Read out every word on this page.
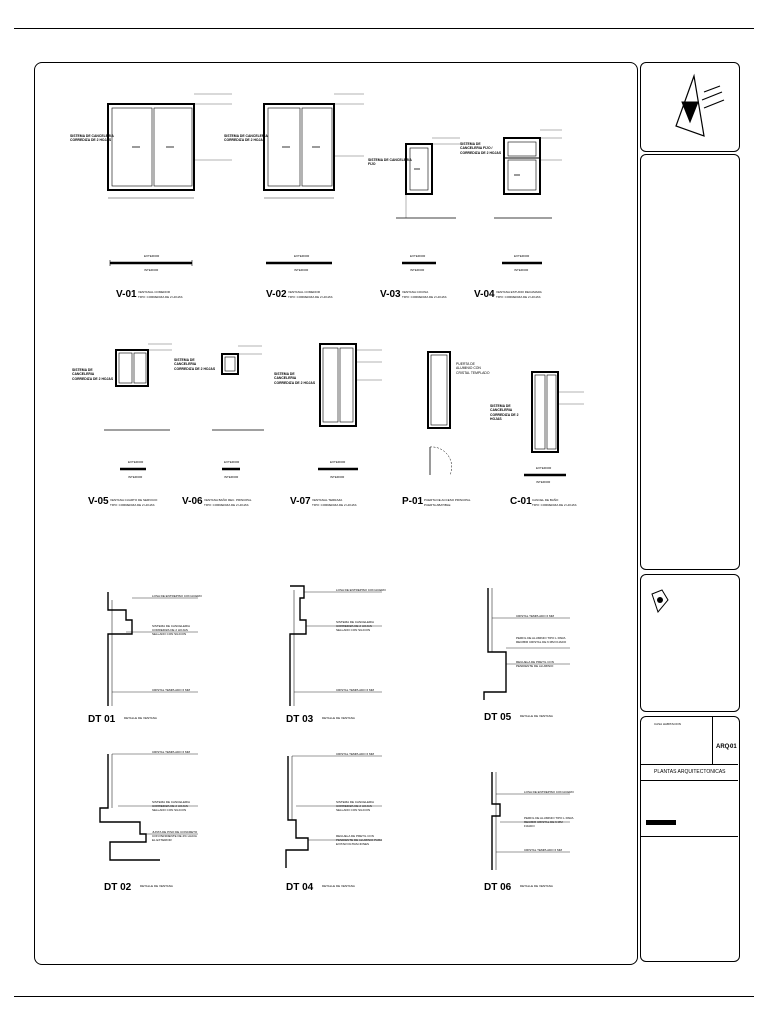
SISTEMA DE CANCELERIA CORREDIZA DE 2 HOJAS
SISTEMA DE CANCELERIA CORREDIZA DE 2 HOJAS
SISTEMA DE CANCELERIA FIJO
SISTEMA DE CANCELERIA FIJO / CORREDIZA DE 2 HOJAS
EXTERIOR
INTERIOR
EXTERIOR
INTERIOR
EXTERIOR
INTERIOR
EXTERIOR
INTERIOR
V-01 VENTANAL COMEDOR
TIPO: CORREDIZA DE 2 HOJAS	V-02 VENTANAL COMEDOR
TIPO: CORREDIZA DE 2 HOJAS	V-03 VENTANA COCINA
TIPO: CORREDIZA DE 2 HOJAS	V-04 VENTANA ESTUDIO RECAMARA
TIPO: CORREDIZA DE 2 HOJAS
SISTEMA DE CANCELERIA CORREDIZA DE 2 HOJAS
SISTEMA DE CANCELERIA CORREDIZA DE 2 HOJAS
SISTEMA DE CANCELERIA CORREDIZA DE 2 HOJAS
PUERTA DE ALUMINIO CON CRISTAL TEMPLADO
SISTEMA DE CANCELERIA CORREDIZA DE 2 HOJAS
EXTERIOR
INTERIOR
EXTERIOR
INTERIOR
EXTERIOR
INTERIOR
EXTERIOR
INTERIOR
V-05 VENTANA CUARTO DE SERVICIO
TIPO: CORREDIZA DE 2 HOJAS	V-06 VENTANA BAÑO REC. PRINCIPAL
TIPO: CORREDIZA DE 2 HOJAS	V-07 VENTANAL TERRAZA
TIPO: CORREDIZA DE 2 HOJAS	P-01 PUERTA DE ACCESO PRINCIPAL
PUERTA ABATIBLE	C-01 CANCEL DE BAÑO
TIPO: CORREDIZA DE 2 HOJAS
LOSA DE ENTREPISO CON ACERO
SISTEMA DE CANCELERIA CORREDIZA DE 2 HOJAS SELLADO CON SILICON
CRISTAL TEMPLADO 6 MM
CRISTAL TEMPLADO 6 MM
SISTEMA DE CANCELERIA CORREDIZA DE 2 HOJAS SELLADO CON SILICON
JUNTA DE PISO DE CONCRETO CON PENDIENTE DE 2% HACIA EL EXTERIOR
LOSA DE ENTREPISO CON ACERO
SISTEMA DE CANCELERIA CORREDIZA DE 2 HOJAS SELLADO CON SILICON
CRISTAL TEMPLADO 6 MM
CRISTAL TEMPLADO 6 MM
SISTEMA DE CANCELERIA CORREDIZA DE 2 HOJAS SELLADO CON SILICON
REGUELA DE PRETIL CON PENDIENTE DE ALUMINIO PARA EVITAR FILTRACIONES
CRISTAL TEMPLADO 6 MM
PERFIL DE ALUMINIO TIPO L PARA RECIBIR CRISTAL DE 6 MM FIJADO
REGUELA DE PRETIL CON PENDIENTE DE ALUMINIO
LOSA DE ENTREPISO CON ACERO
PERFIL DE ALUMINIO TIPO L PARA RECIBIR CRISTAL DE 6 MM FIJADO
CRISTAL TEMPLADO 6 MM
DT 01	DETALLE DE VENTANA
DT 02	DETALLE DE VENTANA
DT 03	DETALLE DE VENTANA
DT 04	DETALLE DE VENTANA
DT 05	DETALLE DE VENTANA
DT 06	DETALLE DE VENTANA
CASA HABITACION
ARQ-
01
PLANTAS ARQUITECTONICAS
